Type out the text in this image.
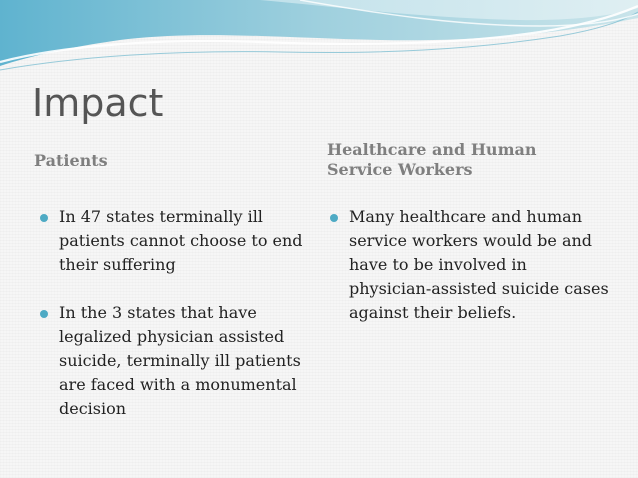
Impact
Patients
Healthcare and Human Service Workers
In 47 states terminally ill patients cannot choose to end their suffering
In the 3 states that have legalized physician assisted suicide, terminally ill patients are faced with a monumental decision
Many healthcare and human service workers would be and have to be involved in physician-assisted suicide cases against their beliefs.
